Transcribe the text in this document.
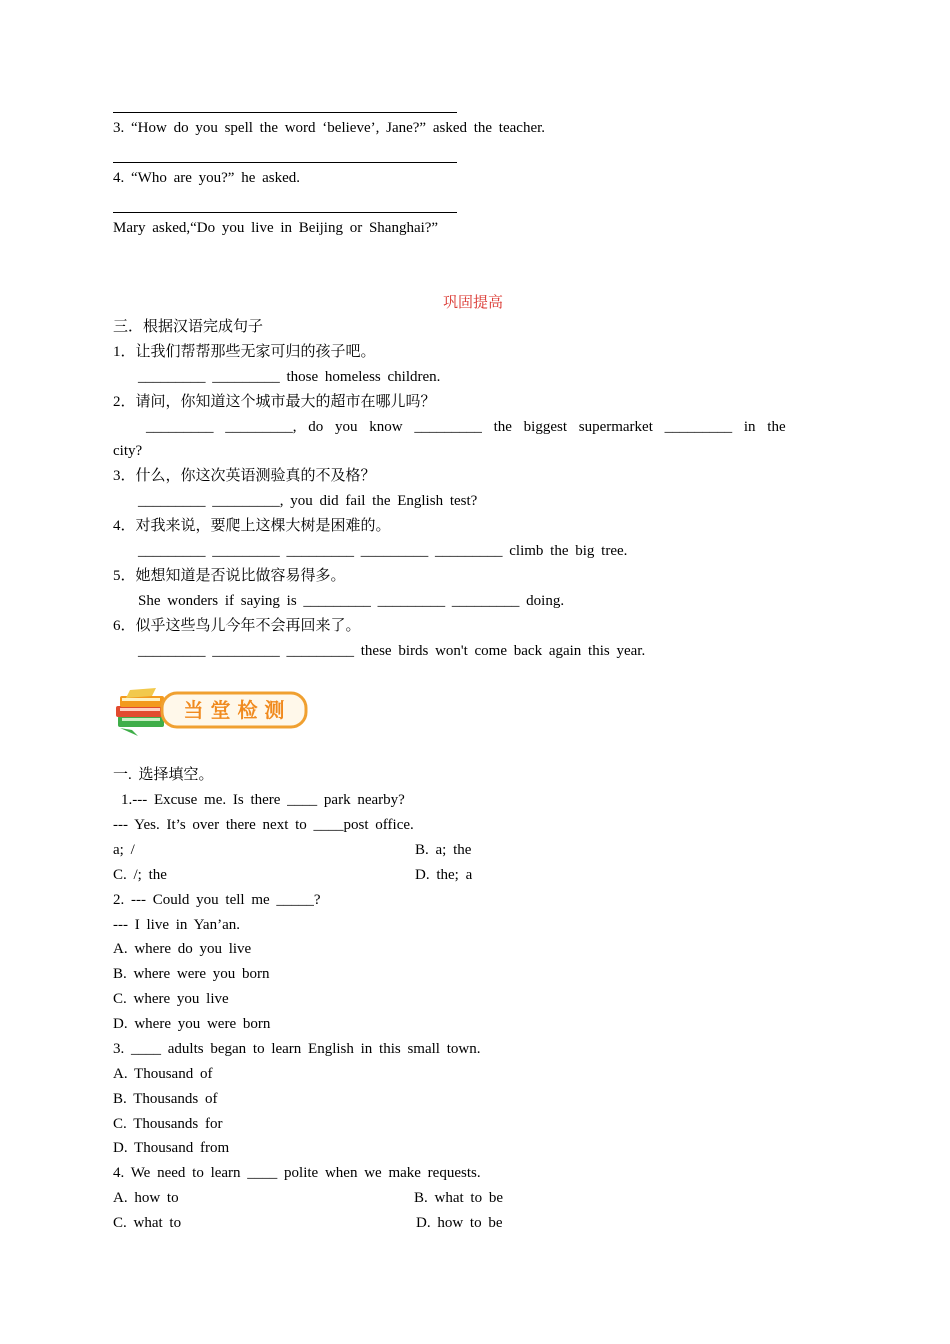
3. “How do you spell the word ‘believe’, Jane?” asked the teacher.
4. “Who are you?” he asked.
Mary asked,“Do you live in Beijing or Shanghai?”
巩固提高
三．根据汉语完成句子
1．让我们帮帮那些无家可归的孩子吧。
_________ _________ those homeless children.
2．请问，你知道这个城市最大的超市在哪儿吗？
_________ _________, do you know _________ the biggest supermarket _________ in the
city?
3．什么，你这次英语测验真的不及格？
_________ _________, you did fail the English test?
4．对我来说，要爬上这棵大树是困难的。
_________ _________ _________ _________ _________ climb the big tree.
5．她想知道是否说比做容易得多。
She wonders if saying is _________ _________ _________ doing.
6．似乎这些鸟儿今年不会再回来了。
_________ _________ _________ these birds won't come back again this year.
当 堂 检 测
一. 选择填空。
1.--- Excuse me. Is there ____ park nearby?
--- Yes. It’s over there next to ____post office.
a; /	B. a; the
C. /; the	D. the; a
2. --- Could you tell me _____?
--- I live in Yan’an.
A. where do you live
B. where were you born
C. where you live
D. where you were born
3. ____ adults began to learn English in this small town.
A. Thousand of
B. Thousands of
C. Thousands for
D. Thousand from
4. We need to learn ____ polite when we make requests.
A. how to	B. what to be
C. what to	D. how to be
